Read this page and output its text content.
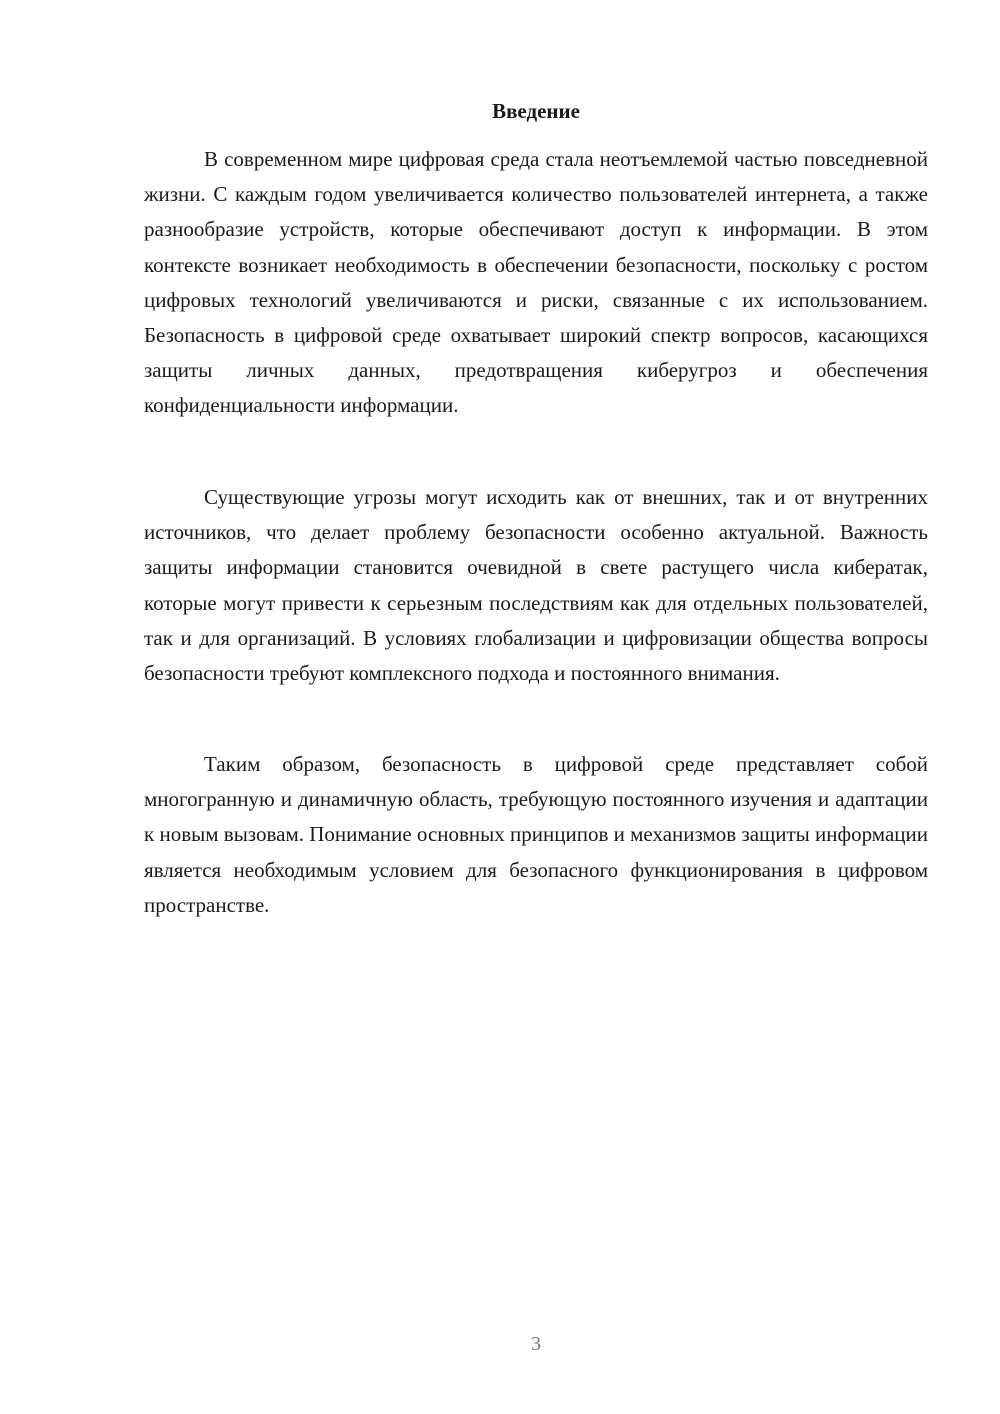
Введение

В современном мире цифровая среда стала неотъемлемой частью повседневной жизни. С каждым годом увеличивается количество пользователей интернета, а также разнообразие устройств, которые обеспечивают доступ к информации. В этом контексте возникает необходимость в обеспечении безопасности, поскольку с ростом цифровых технологий увеличиваются и риски, связанные с их использованием. Безопасность в цифровой среде охватывает широкий спектр вопросов, касающихся защиты личных данных, предотвращения киберугроз и обеспечения конфиденциальности информации.

Существующие угрозы могут исходить как от внешних, так и от внутренних источников, что делает проблему безопасности особенно актуальной. Важность защиты информации становится очевидной в свете растущего числа кибератак, которые могут привести к серьезным последствиям как для отдельных пользователей, так и для организаций. В условиях глобализации и цифровизации общества вопросы безопасности требуют комплексного подхода и постоянного внимания.

Таким образом, безопасность в цифровой среде представляет собой многогранную и динамичную область, требующую постоянного изучения и адаптации к новым вызовам. Понимание основных принципов и механизмов защиты информации является необходимым условием для безопасного функционирования в цифровом пространстве.

3
